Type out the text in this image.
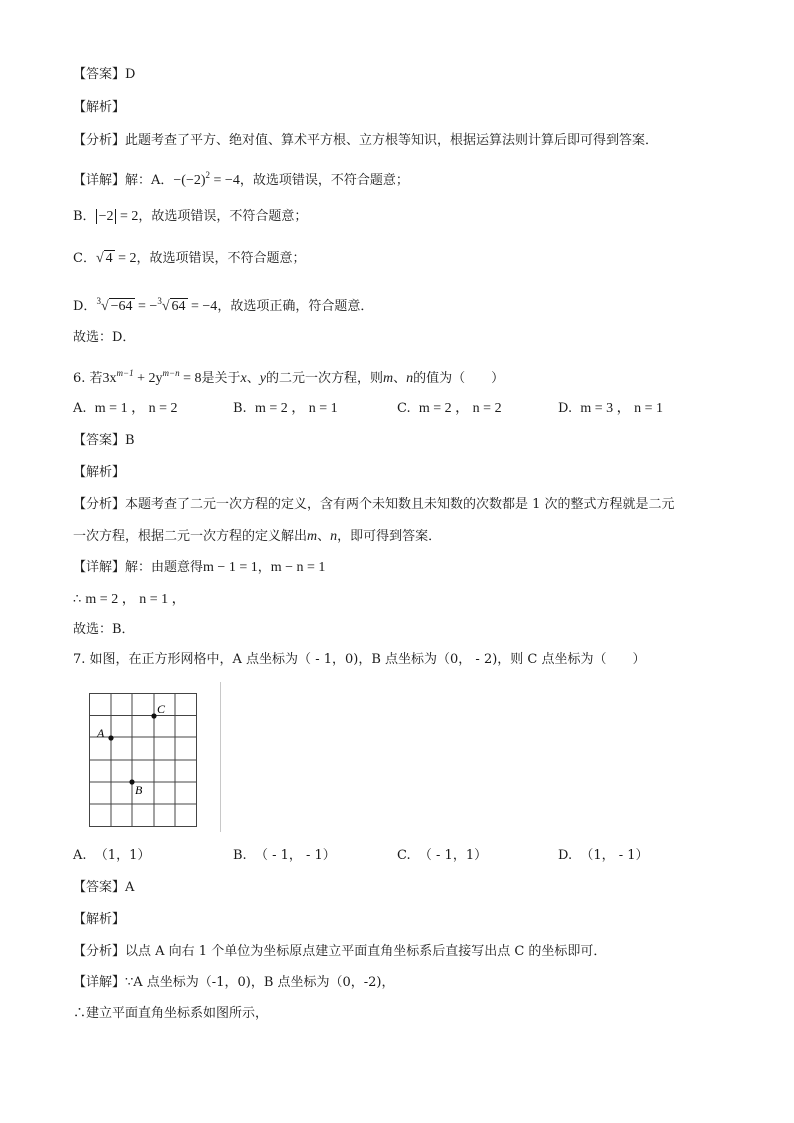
【答案】D
【解析】
【分析】此题考查了平方、绝对值、算术平方根、立方根等知识，根据运算法则计算后即可得到答案．
【详解】解：A．$-(-2)^2 = -4$，故选项错误，不符合题意；
B． −2 = 2，故选项错误，不符合题意；
C．√ 4 = 2，故选项错误，不符合题意；
D．$^3$√ −64 = −$^3$√ 64 = −4，故选项正确，符合题意．
故选：D．
6. 若$3x^{m-1} + 2y^{m-n} = 8$是关于x、y的二元一次方程，则m、n的值为（　　）
A. m = 1 ， n = 2	B. m = 2 ， n = 1	C. m = 2 ， n = 2	D. m = 3 ， n = 1
【答案】B
【解析】
【分析】本题考查了二元一次方程的定义，含有两个未知数且未知数的次数都是 1 次的整式方程就是二元
一次方程，根据二元一次方程的定义解出m、n，即可得到答案．
【详解】解：由题意得m − 1 = 1，m − n = 1
∴ m = 2 ， n = 1 ，
故选：B．
7. 如图，在正方形网格中，A 点坐标为（ - 1，0)，B 点坐标为（0， - 2)，则 C 点坐标为（　　）
A
B
C
A. （1，1）	B. （ - 1， - 1）	C. （ - 1，1）	D. （1， - 1）
【答案】A
【解析】
【分析】以点 A 向右 1 个单位为坐标原点建立平面直角坐标系后直接写出点 C 的坐标即可．
【详解】∵A 点坐标为（-1，0)，B 点坐标为（0，-2)，
∴建立平面直角坐标系如图所示，
